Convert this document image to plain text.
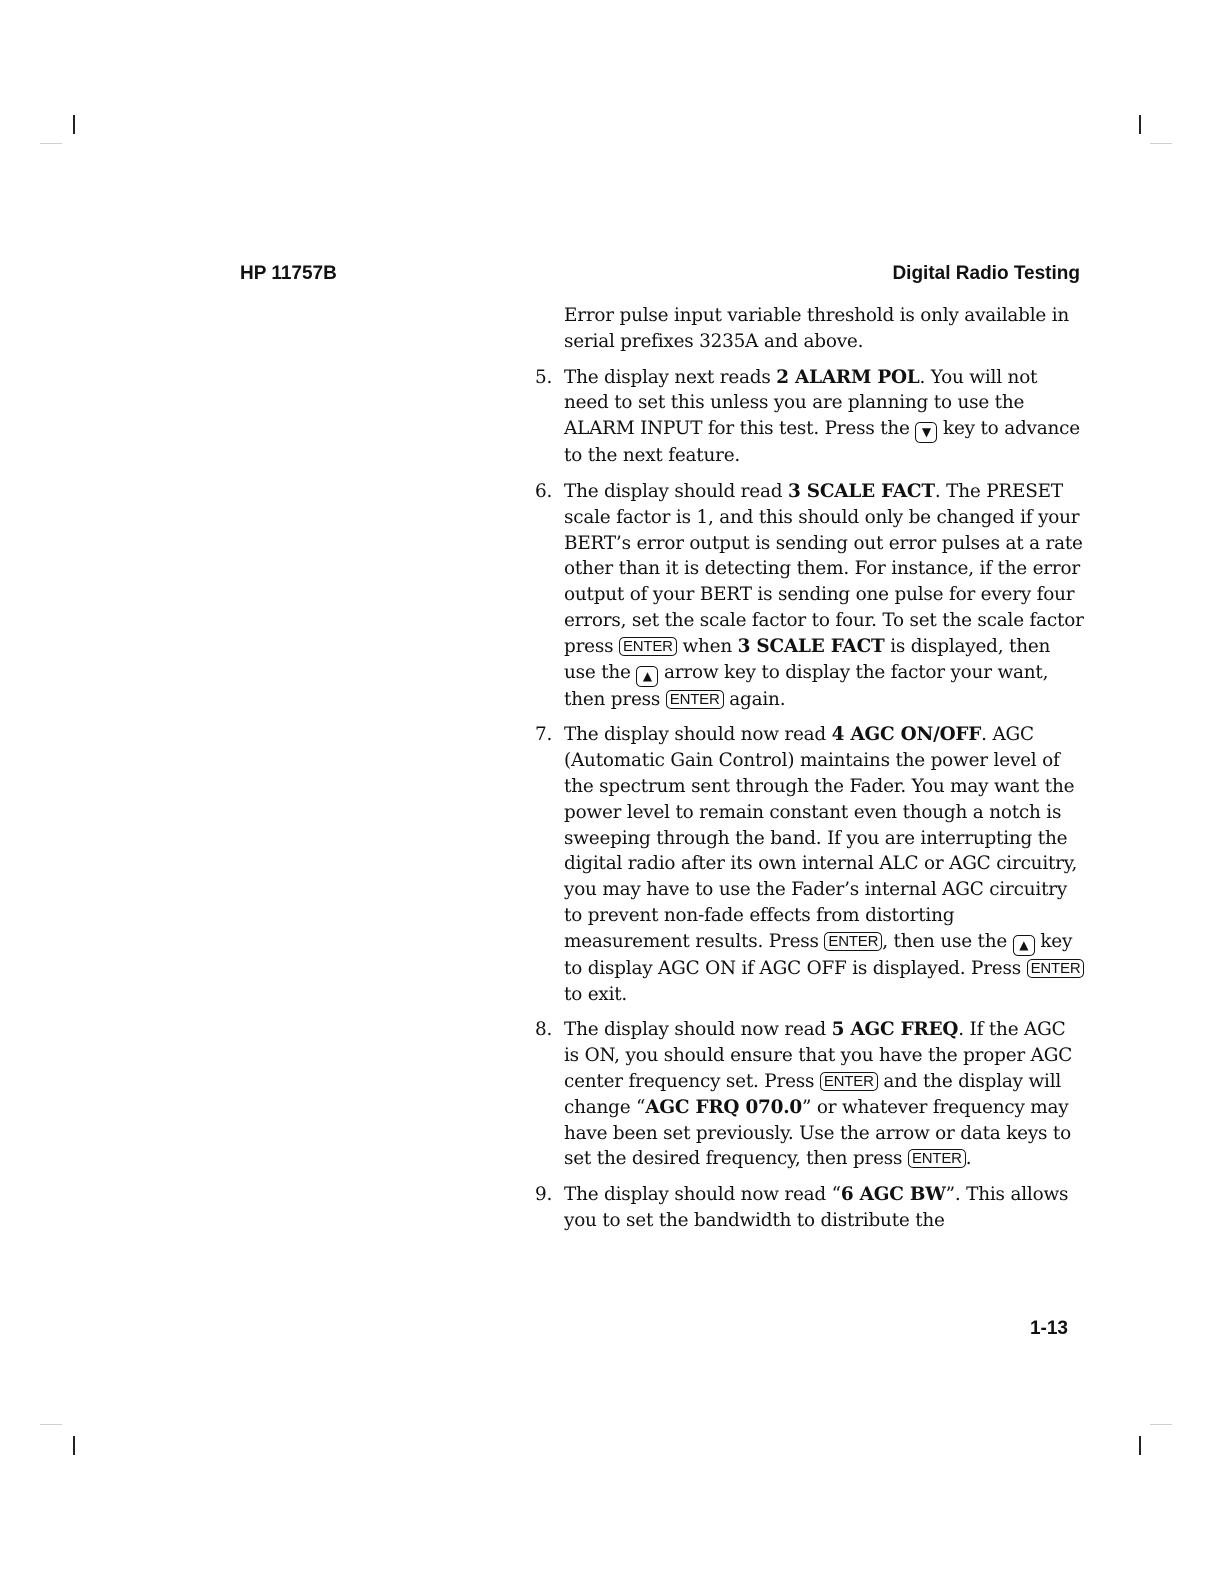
HP 11757B	Digital Radio Testing

Error pulse input variable threshold is only available in serial prefixes 3235A and above.

5. The display next reads 2 ALARM POL. You will not need to set this unless you are planning to use the ALARM INPUT for this test. Press the ▼ key to advance to the next feature.
6. The display should read 3 SCALE FACT. The PRESET scale factor is 1, and this should only be changed if your BERT’s error output is sending out error pulses at a rate other than it is detecting them. For instance, if the error output of your BERT is sending one pulse for every four errors, set the scale factor to four. To set the scale factor press ENTER when 3 SCALE FACT is displayed, then use the ▲ arrow key to display the factor your want, then press ENTER again.
7. The display should now read 4 AGC ON/OFF. AGC (Automatic Gain Control) maintains the power level of the spectrum sent through the Fader. You may want the power level to remain constant even though a notch is sweeping through the band. If you are interrupting the digital radio after its own internal ALC or AGC circuitry, you may have to use the Fader’s internal AGC circuitry to prevent non-fade effects from distorting measurement results. Press ENTER , then use the ▲ key to display AGC ON if AGC OFF is displayed. Press ENTER to exit.
8. The display should now read 5 AGC FREQ. If the AGC is ON, you should ensure that you have the proper AGC center frequency set. Press ENTER and the display will change “AGC FRQ 070.0” or whatever frequency may have been set previously. Use the arrow or data keys to set the desired frequency, then press ENTER .
9. The display should now read “6 AGC BW”. This allows you to set the bandwidth to distribute the
1-13
